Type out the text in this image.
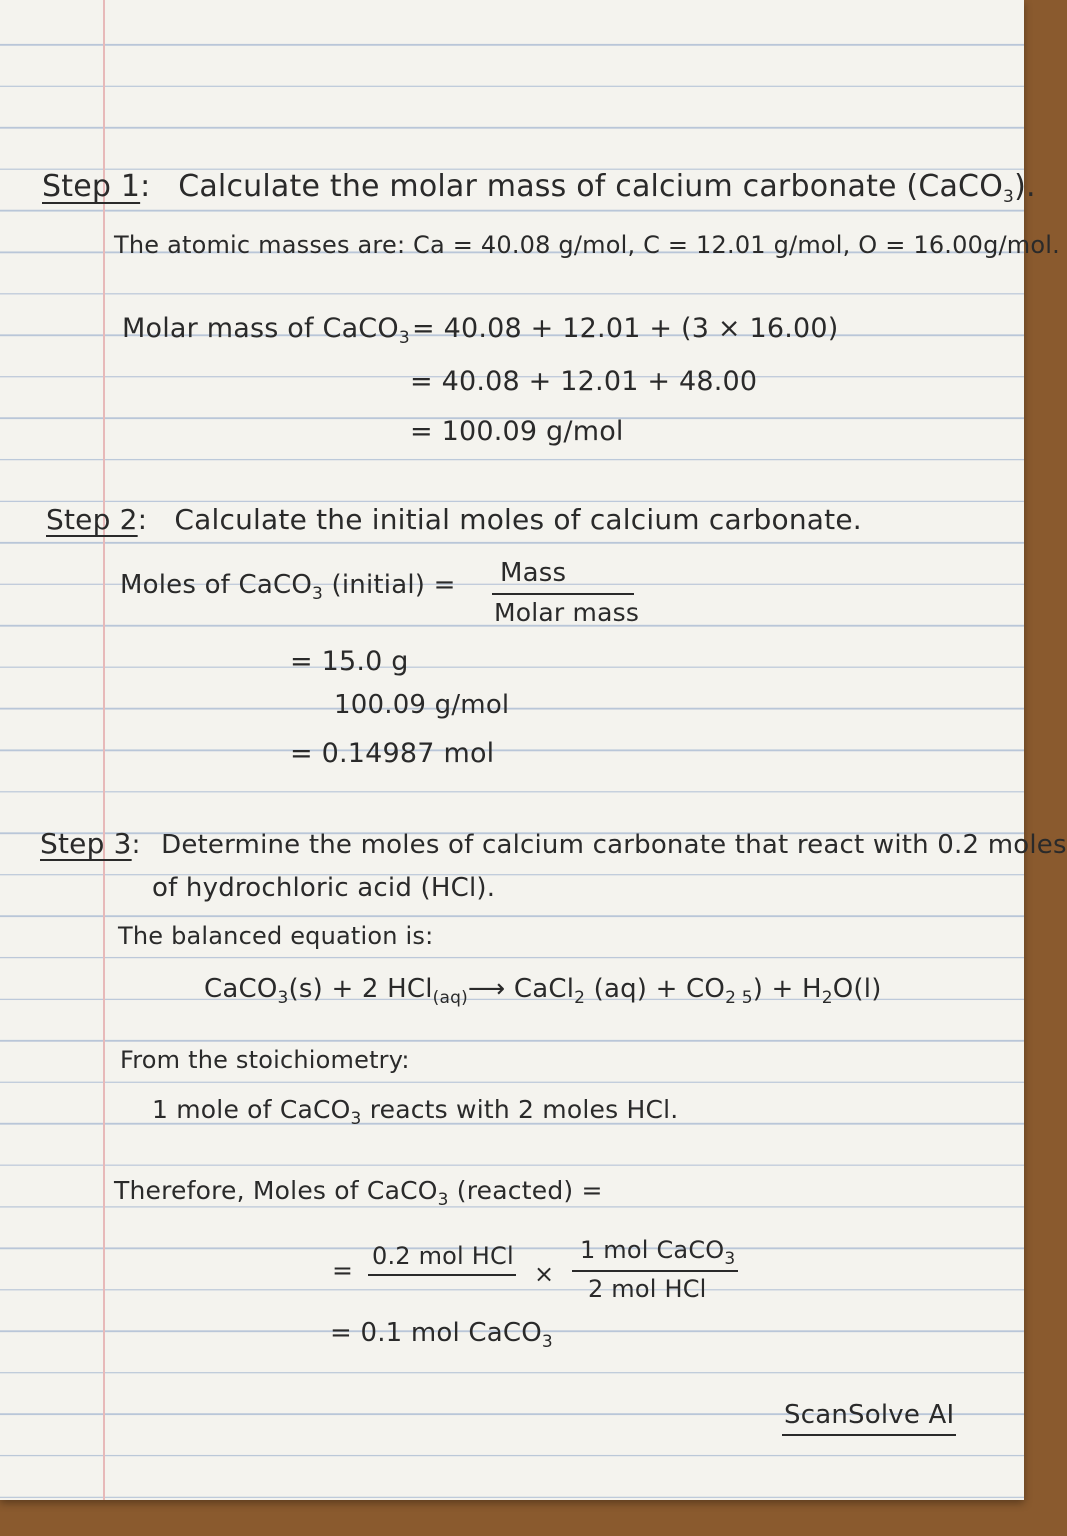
Step 1: Calculate the molar mass of calcium carbonate (CaCO$_3$).
The atomic masses are: Ca = 40.08 g/mol, C = 12.01 g/mol, O = 16.00g/mol.
Molar mass of CaCO$_3$ = 40.08 + 12.01 + (3 × 16.00)
= 40.08 + 12.01 + 48.00
= 100.09 g/mol
Step 2: Calculate the initial moles of calcium carbonate.
Moles of CaCO$_3$ (initial) = Mass
Molar mass
= 15.0 g
100.09 g/mol
= 0.14987 mol
Step 3: Determine the moles of calcium carbonate that react with 0.2 moles
of hydrochloric acid (HCl).
The balanced equation is:
CaCO$_3$(s) + 2 HCl$_{(aq)}$⟶ CaCl$_2$ $(aq) + CO_{2 5}) + H_2O(l)$
From the stoichiometry:
1 mole of CaCO$_3$ reacts with 2 moles HCl.
Therefore, Moles of CaCO$_3$ (reacted) =
= 0.2 mol HCl
×
1 mol CaCO$_3$
2 mol HCl
= 0.1 mol CaCO$_3$
ScanSolve AI
